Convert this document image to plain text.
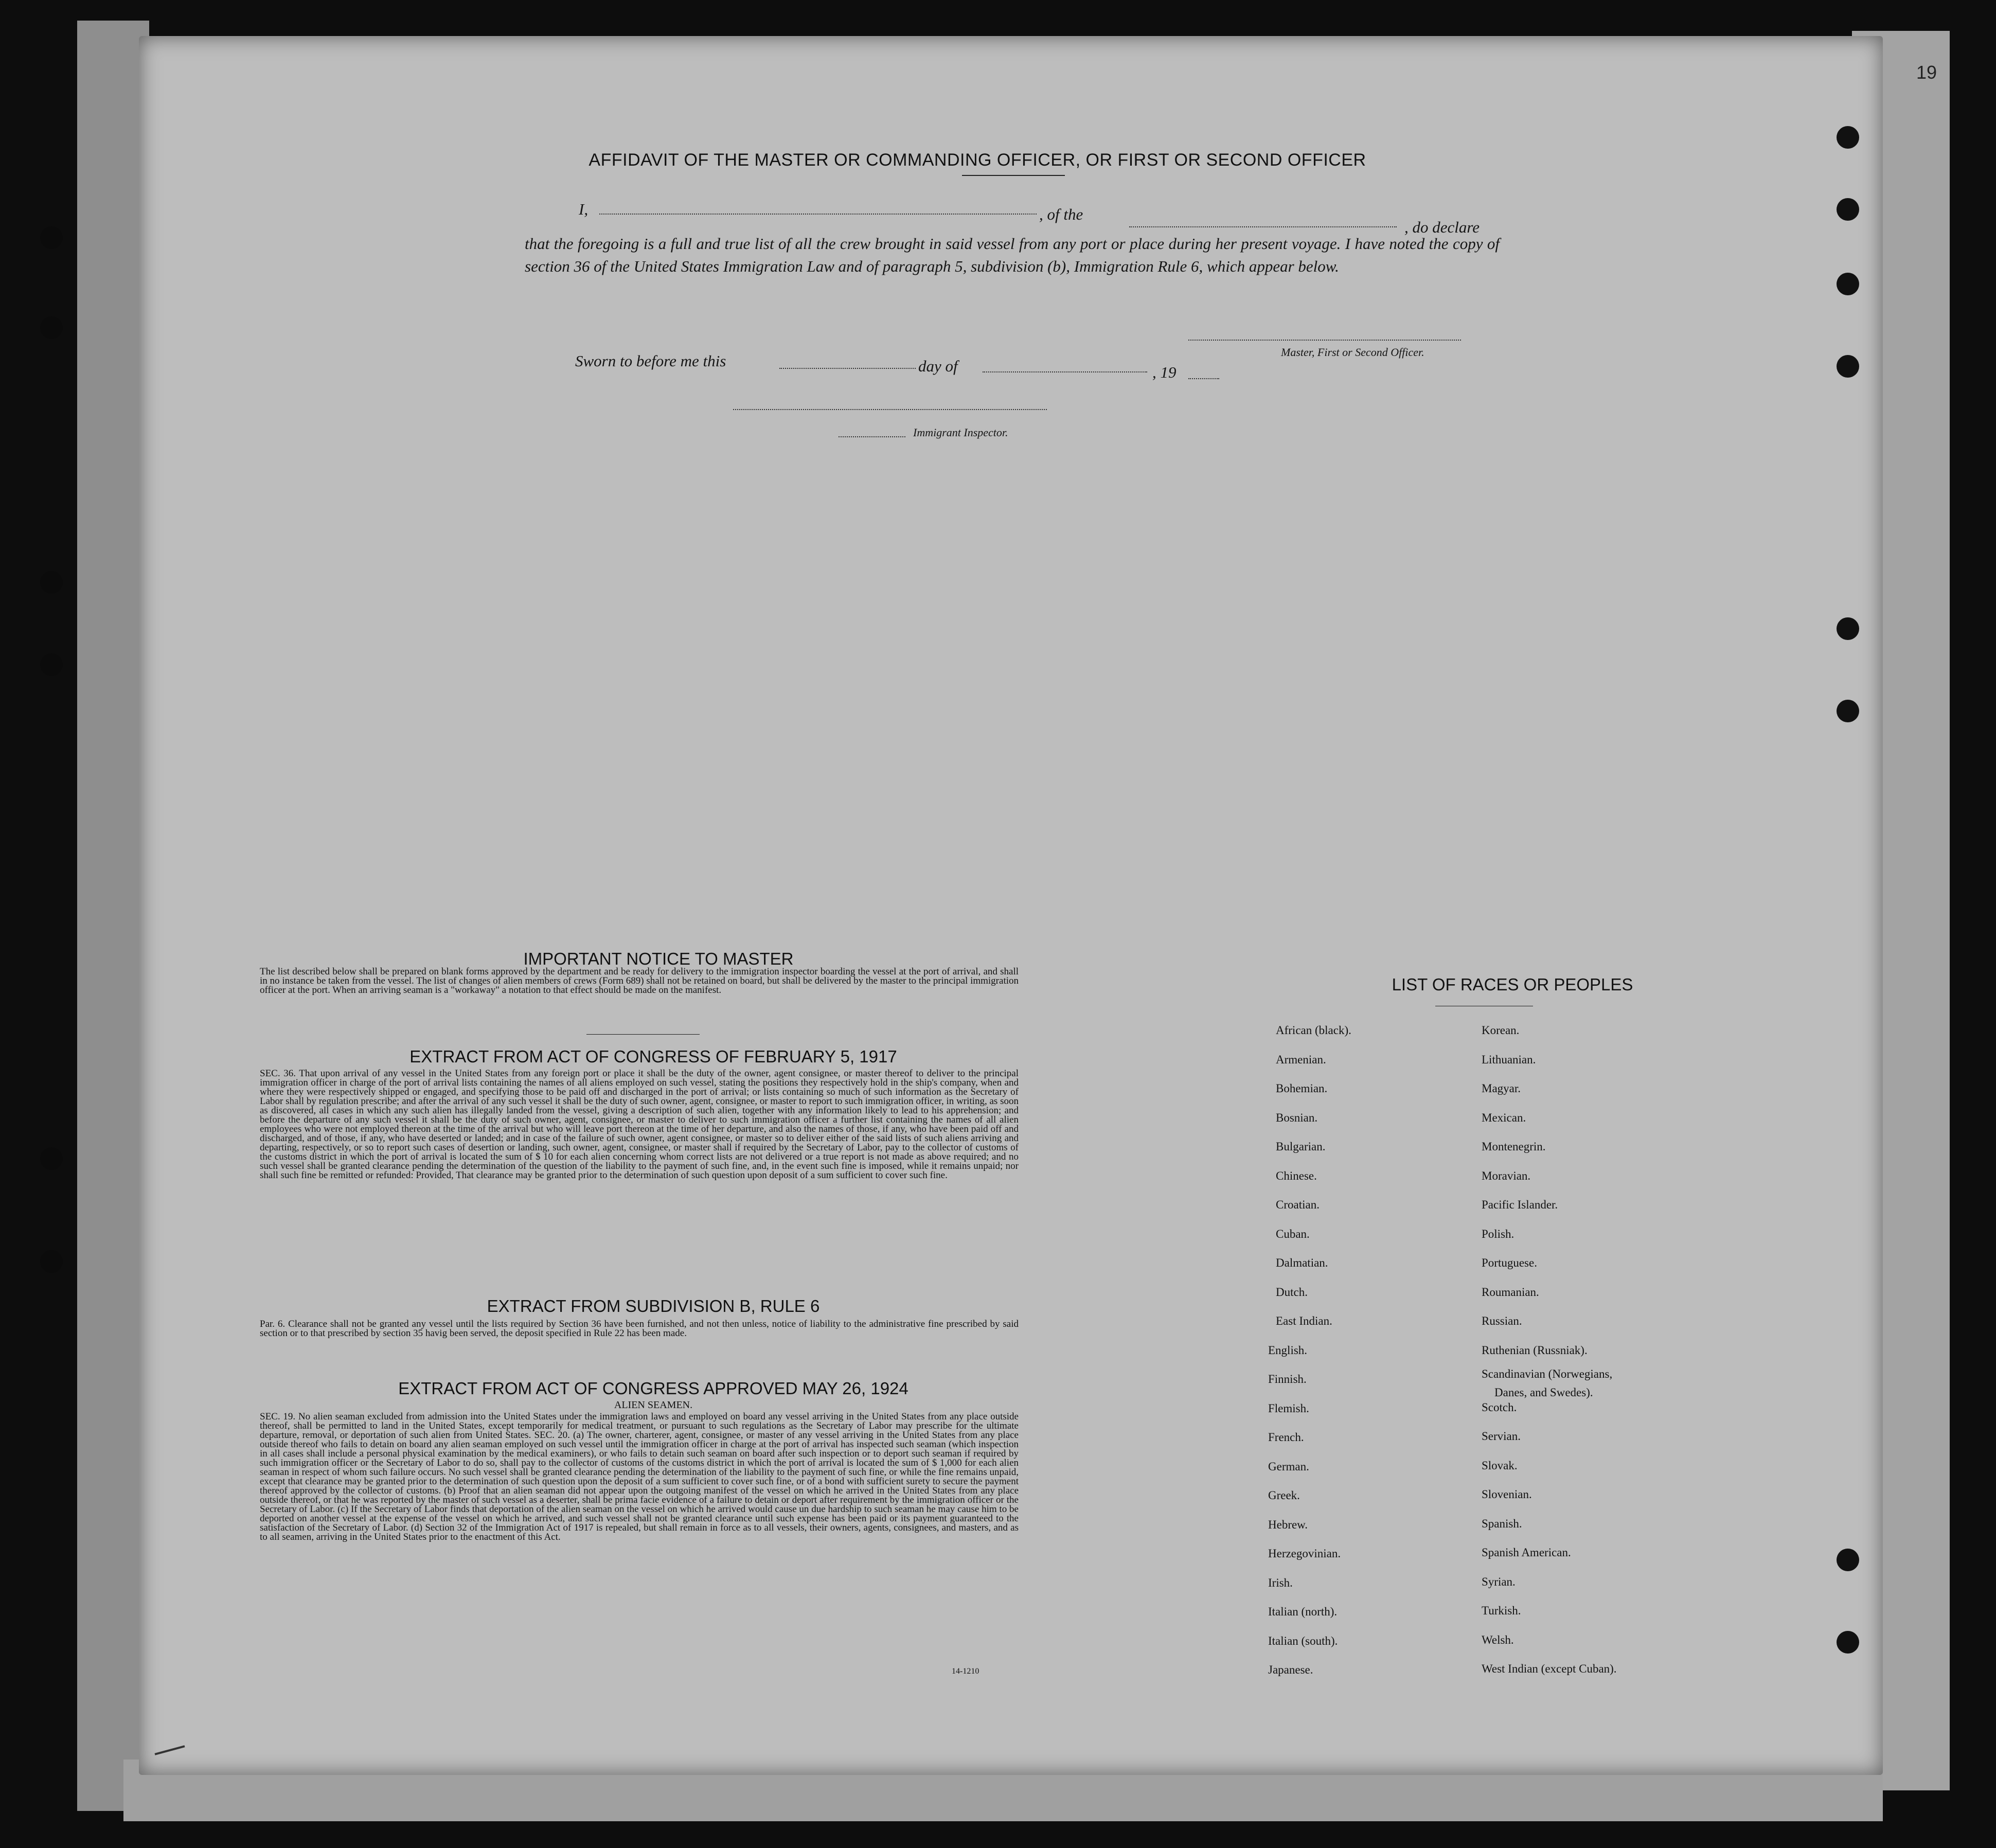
19
AFFIDAVIT OF THE MASTER OR COMMANDING OFFICER, OR FIRST OR SECOND OFFICER
I,	, of the
, do declare
that the foregoing is a full and true list of all the crew brought in said vessel from any port or place during her present voyage. I have noted the copy of section 36 of the United States Immigration Law and of paragraph 5, subdivision (b), Immigration Rule 6, which appear below.
Master, First or Second Officer.
Sworn to before me this	day of	, 19
Immigrant Inspector.
IMPORTANT NOTICE TO MASTER
The list described below shall be prepared on blank forms approved by the department and be ready for delivery to the immigration inspector boarding the vessel at the port of arrival, and shall in no instance be taken from the vessel. The list of changes of alien members of crews (Form 689) shall not be retained on board, but shall be delivered by the master to the principal immigration officer at the port. When an arriving seaman is a "workaway" a notation to that effect should be made on the manifest.
EXTRACT FROM ACT OF CONGRESS OF FEBRUARY 5, 1917
SEC. 36. That upon arrival of any vessel in the United States from any foreign port or place it shall be the duty of the owner, agent consignee, or master thereof to deliver to the principal immigration officer in charge of the port of arrival lists containing the names of all aliens employed on such vessel, stating the positions they respectively hold in the ship's company, when and where they were respectively shipped or engaged, and specifying those to be paid off and discharged in the port of arrival; or lists containing so much of such information as the Secretary of Labor shall by regulation prescribe; and after the arrival of any such vessel it shall be the duty of such owner, agent, consignee, or master to report to such immigration officer, in writing, as soon as discovered, all cases in which any such alien has illegally landed from the vessel, giving a description of such alien, together with any information likely to lead to his apprehension; and before the departure of any such vessel it shall be the duty of such owner, agent, consignee, or master to deliver to such immigration officer a further list containing the names of all alien employees who were not employed thereon at the time of the arrival but who will leave port thereon at the time of her departure, and also the names of those, if any, who have been paid off and discharged, and of those, if any, who have deserted or landed; and in case of the failure of such owner, agent consignee, or master so to deliver either of the said lists of such aliens arriving and departing, respectively, or so to report such cases of desertion or landing, such owner, agent, consignee, or master shall if required by the Secretary of Labor, pay to the collector of customs of the customs district in which the port of arrival is located the sum of $ 10 for each alien concerning whom correct lists are not delivered or a true report is not made as above required; and no such vessel shall be granted clearance pending the determination of the question of the liability to the payment of such fine, and, in the event such fine is imposed, while it remains unpaid; nor shall such fine be remitted or refunded: Provided, That clearance may be granted prior to the determination of such question upon deposit of a sum sufficient to cover such fine.
EXTRACT FROM SUBDIVISION B, RULE 6
Par. 6. Clearance shall not be granted any vessel until the lists required by Section 36 have been furnished, and not then unless, notice of liability to the administrative fine prescribed by said section or to that prescribed by section 35 havig been served, the deposit specified in Rule 22 has been made.
EXTRACT FROM ACT OF CONGRESS APPROVED MAY 26, 1924
ALIEN SEAMEN.
SEC. 19. No alien seaman excluded from admission into the United States under the immigration laws and employed on board any vessel arriving in the United States from any place outside thereof, shall be permitted to land in the United States, except temporarily for medical treatment, or pursuant to such regulations as the Secretary of Labor may prescribe for the ultimate departure, removal, or deportation of such alien from United States. SEC. 20. (a) The owner, charterer, agent, consignee, or master of any vessel arriving in the United States from any place outside thereof who fails to detain on board any alien seaman employed on such vessel until the immigration officer in charge at the port of arrival has inspected such seaman (which inspection in all cases shall include a personal physical examination by the medical examiners), or who fails to detain such seaman on board after such inspection or to deport such seaman if required by such immigration officer or the Secretary of Labor to do so, shall pay to the collector of customs of the customs district in which the port of arrival is located the sum of $ 1,000 for each alien seaman in respect of whom such failure occurs. No such vessel shall be granted clearance pending the determination of the liability to the payment of such fine, or while the fine remains unpaid, except that clearance may be granted prior to the determination of such question upon the deposit of a sum sufficient to cover such fine, or of a bond with sufficient surety to secure the payment thereof approved by the collector of customs. (b) Proof that an alien seaman did not appear upon the outgoing manifest of the vessel on which he arrived in the United States from any place outside thereof, or that he was reported by the master of such vessel as a deserter, shall be prima facie evidence of a failure to detain or deport after requirement by the immigration officer or the Secretary of Labor. (c) If the Secretary of Labor finds that deportation of the alien seaman on the vessel on which he arrived would cause un due hardship to such seaman he may cause him to be deported on another vessel at the expense of the vessel on which he arrived, and such vessel shall not be granted clearance until such expense has been paid or its payment guaranteed to the satisfaction of the Secretary of Labor. (d) Section 32 of the Immigration Act of 1917 is repealed, but shall remain in force as to all vessels, their owners, agents, consignees, and masters, and as to all seamen, arriving in the United States prior to the enactment of this Act.
14-1210
LIST OF RACES OR PEOPLES
African (black).
Armenian.
Bohemian.
Bosnian.
Bulgarian.
Chinese.
Croatian.
Cuban.
Dalmatian.
Dutch.
East Indian.
English.
Finnish.
Flemish.
French.
German.
Greek.
Hebrew.
Herzegovinian.
Irish.
Italian (north).
Italian (south).
Japanese.
Korean.
Lithuanian.
Magyar.
Mexican.
Montenegrin.
Moravian.
Pacific Islander.
Polish.
Portuguese.
Roumanian.
Russian.
Ruthenian (Russniak).
Scandinavian (Norwegians,
Danes, and Swedes).
Scotch.
Servian.
Slovak.
Slovenian.
Spanish.
Spanish American.
Syrian.
Turkish.
Welsh.
West Indian (except Cuban).
